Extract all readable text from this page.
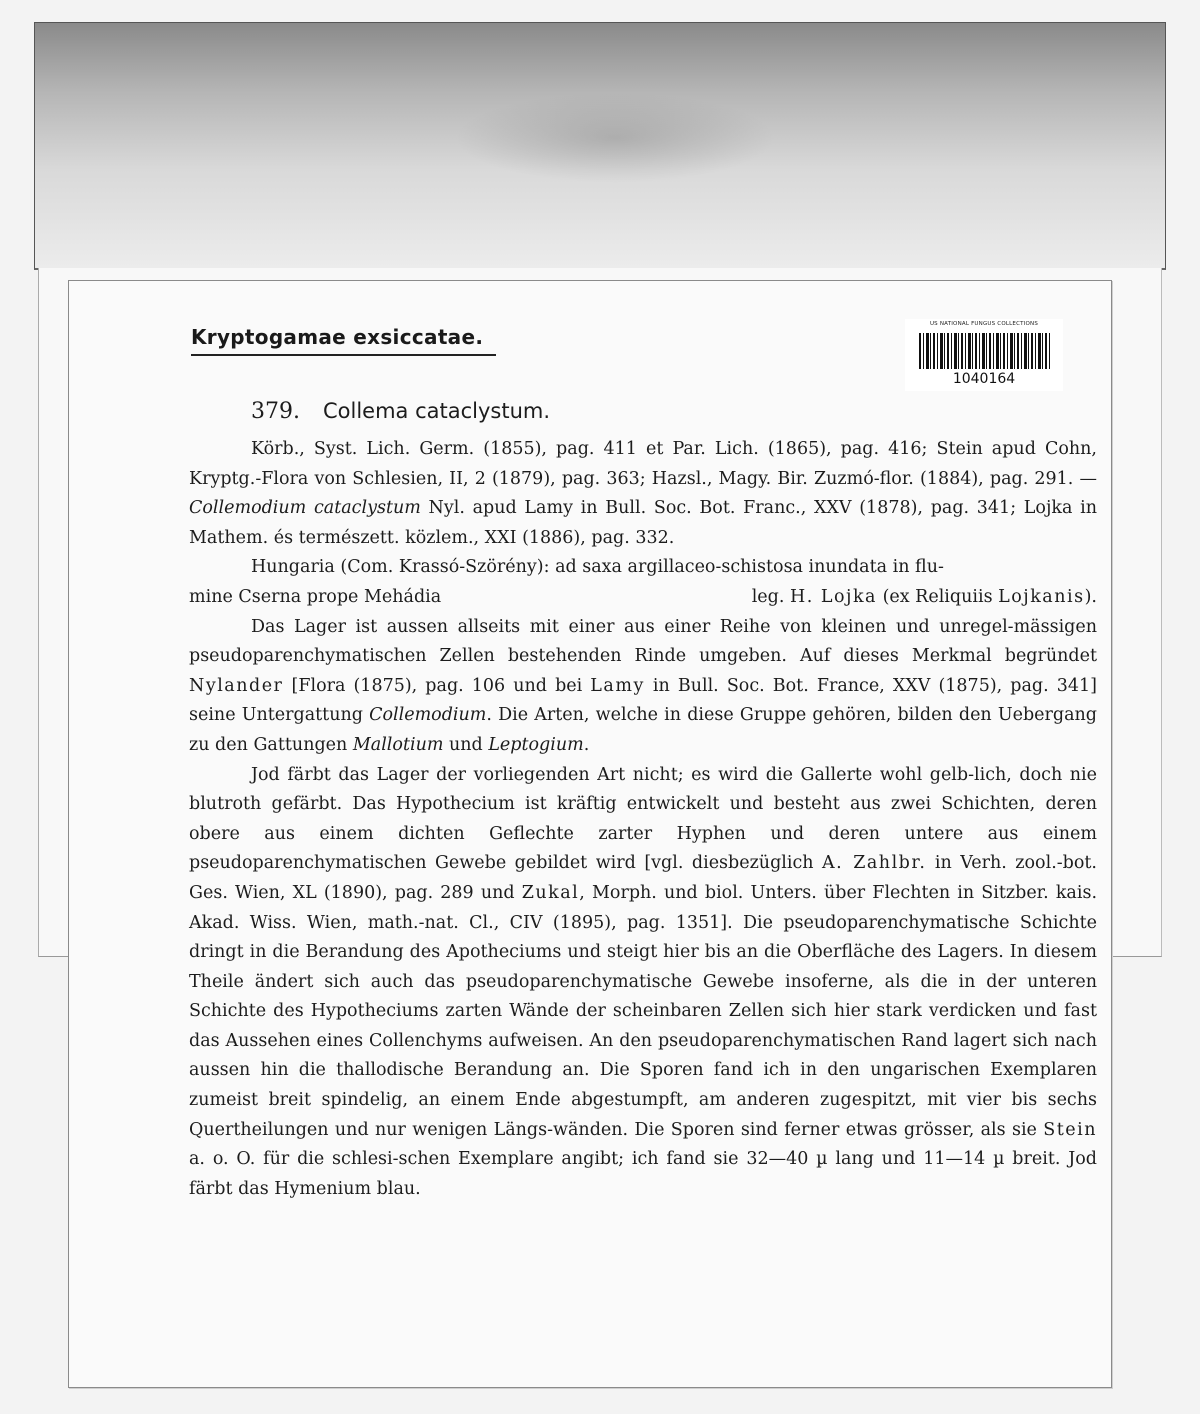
Kryptogamae exsiccatae.
US NATIONAL FUNGUS COLLECTIONS
1040164
379. Collema cataclystum.

Körb., Syst. Lich. Germ. (1855), pag. 411 et Par. Lich. (1865), pag. 416; Stein apud Cohn, Kryptg.-Flora von Schlesien, II, 2 (1879), pag. 363; Hazsl., Magy. Bir. Zuzmó-flor. (1884), pag. 291. — Collemodium cataclystum Nyl. apud Lamy in Bull. Soc. Bot. Franc., XXV (1878), pag. 341; Lojka in Mathem. és természett. közlem., XXI (1886), pag. 332.

Hungaria (Com. Krassó-Szörény): ad saxa argillaceo-schistosa inundata in flu-

mine Cserna prope Mehádia	leg. H. Lojka (ex Reliquiis Lojkanis).

Das Lager ist aussen allseits mit einer aus einer Reihe von kleinen und unregel-mässigen pseudoparenchymatischen Zellen bestehenden Rinde umgeben. Auf dieses Merkmal begründet Nylander [Flora (1875), pag. 106 und bei Lamy in Bull. Soc. Bot. France, XXV (1875), pag. 341] seine Untergattung Collemodium. Die Arten, welche in diese Gruppe gehören, bilden den Uebergang zu den Gattungen Mallotium und Leptogium.

Jod färbt das Lager der vorliegenden Art nicht; es wird die Gallerte wohl gelb-lich, doch nie blutroth gefärbt. Das Hypothecium ist kräftig entwickelt und besteht aus zwei Schichten, deren obere aus einem dichten Geflechte zarter Hyphen und deren untere aus einem pseudoparenchymatischen Gewebe gebildet wird [vgl. diesbezüglich A. Zahlbr. in Verh. zool.-bot. Ges. Wien, XL (1890), pag. 289 und Zukal, Morph. und biol. Unters. über Flechten in Sitzber. kais. Akad. Wiss. Wien, math.-nat. Cl., CIV (1895), pag. 1351]. Die pseudoparenchymatische Schichte dringt in die Berandung des Apotheciums und steigt hier bis an die Oberfläche des Lagers. In diesem Theile ändert sich auch das pseudoparenchymatische Gewebe insoferne, als die in der unteren Schichte des Hypotheciums zarten Wände der scheinbaren Zellen sich hier stark verdicken und fast das Aussehen eines Collenchyms aufweisen. An den pseudoparenchymatischen Rand lagert sich nach aussen hin die thallodische Berandung an. Die Sporen fand ich in den ungarischen Exemplaren zumeist breit spindelig, an einem Ende abgestumpft, am anderen zugespitzt, mit vier bis sechs Quertheilungen und nur wenigen Längs-wänden. Die Sporen sind ferner etwas grösser, als sie Stein a. o. O. für die schlesi-schen Exemplare angibt; ich fand sie 32—40 µ lang und 11—14 µ breit. Jod färbt das Hymenium blau.
